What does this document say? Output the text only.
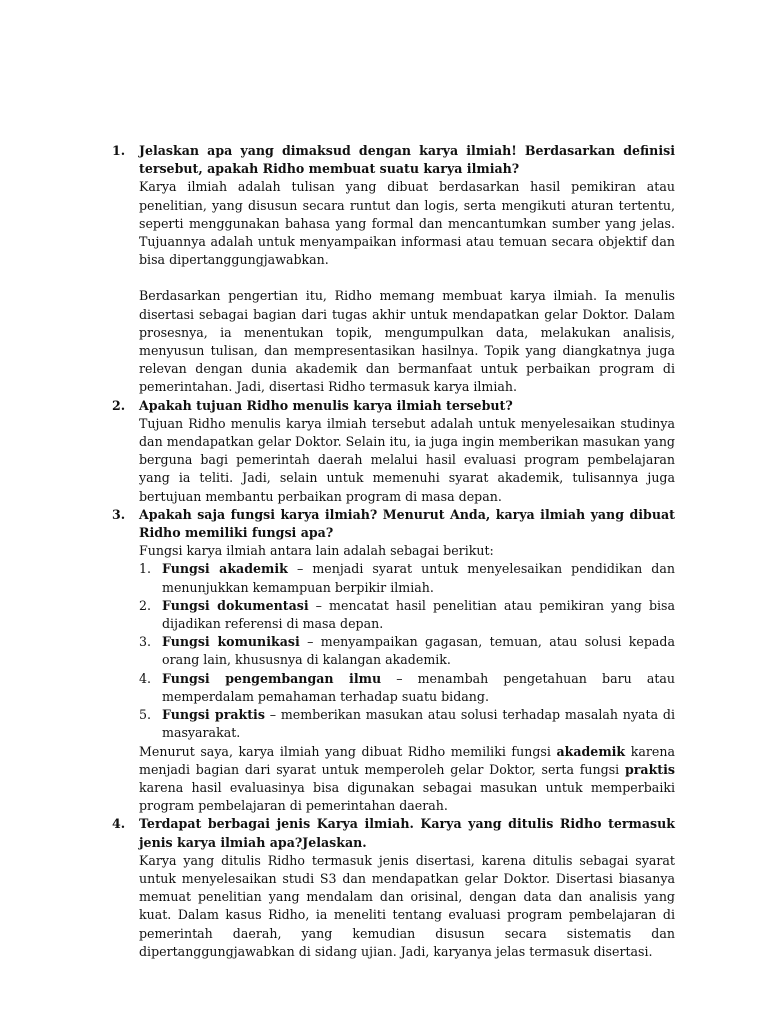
1. Jelaskan apa yang dimaksud dengan karya ilmiah! Berdasarkan definisi tersebut, apakah Ridho membuat suatu karya ilmiah?
Karya ilmiah adalah tulisan yang dibuat berdasarkan hasil pemikiran atau penelitian, yang disusun secara runtut dan logis, serta mengikuti aturan tertentu, seperti menggunakan bahasa yang formal dan mencantumkan sumber yang jelas. Tujuannya adalah untuk menyampaikan informasi atau temuan secara objektif dan bisa dipertanggungjawabkan.
Berdasarkan pengertian itu, Ridho memang membuat karya ilmiah. Ia menulis disertasi sebagai bagian dari tugas akhir untuk mendapatkan gelar Doktor. Dalam prosesnya, ia menentukan topik, mengumpulkan data, melakukan analisis, menyusun tulisan, dan mempresentasikan hasilnya. Topik yang diangkatnya juga relevan dengan dunia akademik dan bermanfaat untuk perbaikan program di pemerintahan. Jadi, disertasi Ridho termasuk karya ilmiah.
2. Apakah tujuan Ridho menulis karya ilmiah tersebut?
Tujuan Ridho menulis karya ilmiah tersebut adalah untuk menyelesaikan studinya dan mendapatkan gelar Doktor. Selain itu, ia juga ingin memberikan masukan yang berguna bagi pemerintah daerah melalui hasil evaluasi program pembelajaran yang ia teliti. Jadi, selain untuk memenuhi syarat akademik, tulisannya juga bertujuan membantu perbaikan program di masa depan.
3. Apakah saja fungsi karya ilmiah? Menurut Anda, karya ilmiah yang dibuat Ridho memiliki fungsi apa?
Fungsi karya ilmiah antara lain adalah sebagai berikut:
1. Fungsi akademik – menjadi syarat untuk menyelesaikan pendidikan dan menunjukkan kemampuan berpikir ilmiah.
2. Fungsi dokumentasi – mencatat hasil penelitian atau pemikiran yang bisa dijadikan referensi di masa depan.
3. Fungsi komunikasi – menyampaikan gagasan, temuan, atau solusi kepada orang lain, khususnya di kalangan akademik.
4. Fungsi pengembangan ilmu – menambah pengetahuan baru atau memperdalam pemahaman terhadap suatu bidang.
5. Fungsi praktis – memberikan masukan atau solusi terhadap masalah nyata di masyarakat.
Menurut saya, karya ilmiah yang dibuat Ridho memiliki fungsi akademik karena menjadi bagian dari syarat untuk memperoleh gelar Doktor, serta fungsi praktis karena hasil evaluasinya bisa digunakan sebagai masukan untuk memperbaiki program pembelajaran di pemerintahan daerah.
4. Terdapat berbagai jenis Karya ilmiah. Karya yang ditulis Ridho termasuk jenis karya ilmiah apa?Jelaskan.
Karya yang ditulis Ridho termasuk jenis disertasi, karena ditulis sebagai syarat untuk menyelesaikan studi S3 dan mendapatkan gelar Doktor. Disertasi biasanya memuat penelitian yang mendalam dan orisinal, dengan data dan analisis yang kuat. Dalam kasus Ridho, ia meneliti tentang evaluasi program pembelajaran di pemerintah daerah, yang kemudian disusun secara sistematis dan dipertanggungjawabkan di sidang ujian. Jadi, karyanya jelas termasuk disertasi.
